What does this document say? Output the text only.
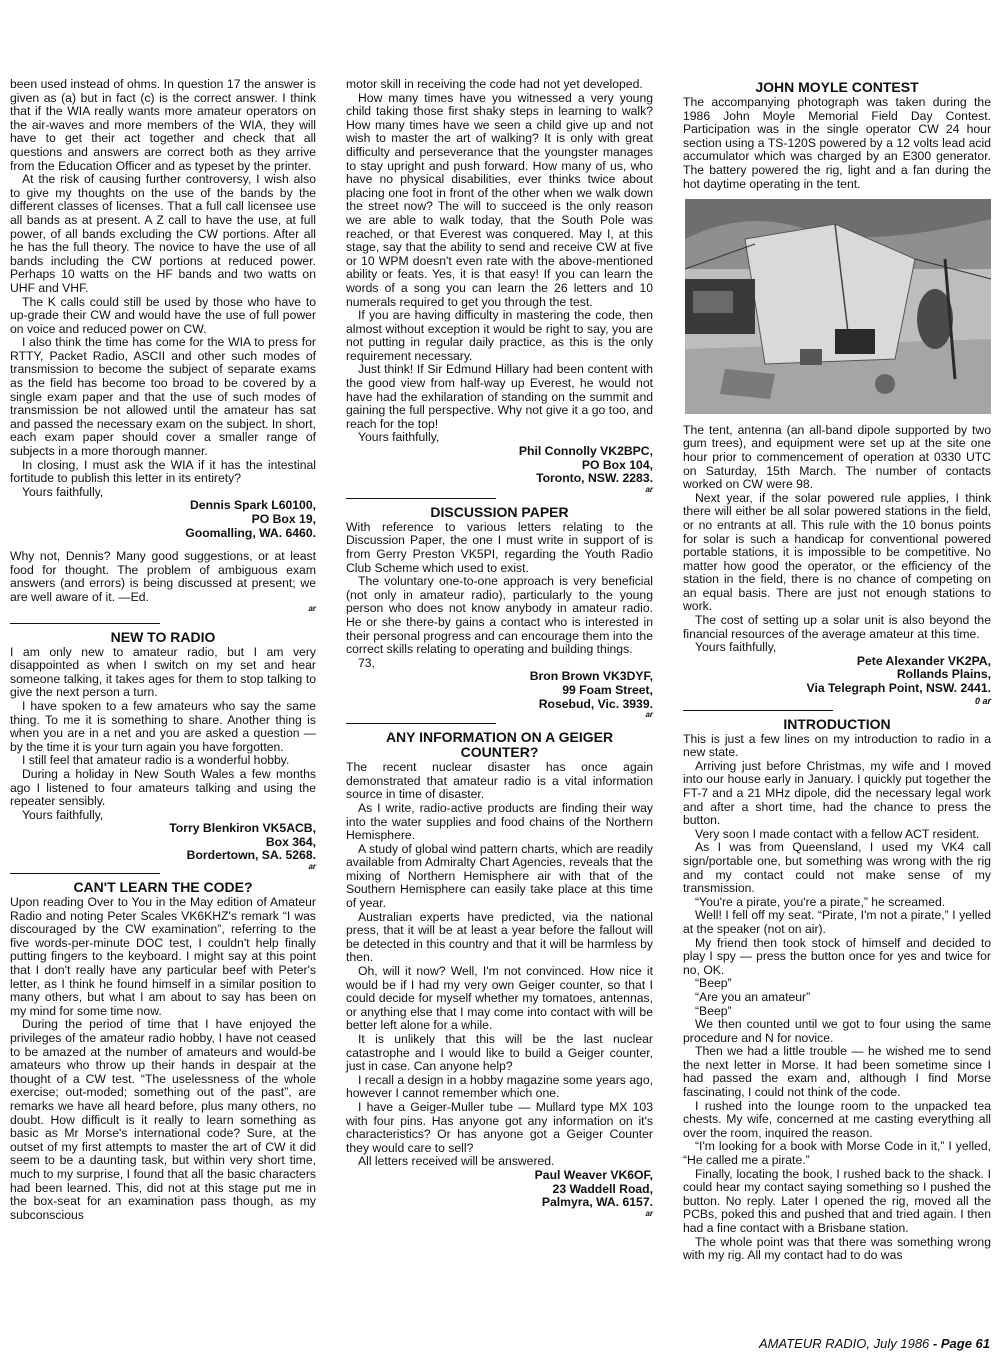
been used instead of ohms. In question 17 the answer is given as (a) but in fact (c) is the correct answer. I think that if the WIA really wants more amateur operators on the air-waves and more members of the WIA, they will have to get their act together and check that all questions and answers are correct both as they arrive from the Education Officer and as typeset by the printer.

At the risk of causing further controversy, I wish also to give my thoughts on the use of the bands by the different classes of licenses. That a full call licensee use all bands as at present. A Z call to have the use, at full power, of all bands excluding the CW portions. After all he has the full theory. The novice to have the use of all bands including the CW portions at reduced power. Perhaps 10 watts on the HF bands and two watts on UHF and VHF.

The K calls could still be used by those who have to up-grade their CW and would have the use of full power on voice and reduced power on CW.

I also think the time has come for the WIA to press for RTTY, Packet Radio, ASCII and other such modes of transmission to become the subject of separate exams as the field has become too broad to be covered by a single exam paper and that the use of such modes of transmission be not allowed until the amateur has sat and passed the necessary exam on the subject. In short, each exam paper should cover a smaller range of subjects in a more thorough manner.

In closing, I must ask the WIA if it has the intestinal fortitude to publish this letter in its entirety?

Yours faithfully,

Dennis Spark L60100,
PO Box 19,
Goomalling, WA. 6460.

Why not, Dennis? Many good suggestions, or at least food for thought. The problem of ambiguous exam answers (and errors) is being discussed at present; we are well aware of it. —Ed.

ar
NEW TO RADIO

I am only new to amateur radio, but I am very disappointed as when I switch on my set and hear someone talking, it takes ages for them to stop talking to give the next person a turn.

I have spoken to a few amateurs who say the same thing. To me it is something to share. Another thing is when you are in a net and you are asked a question — by the time it is your turn again you have forgotten.

I still feel that amateur radio is a wonderful hobby.

During a holiday in New South Wales a few months ago I listened to four amateurs talking and using the repeater sensibly.

Yours faithfully,

Torry Blenkiron VK5ACB,
Box 364,
Bordertown, SA. 5268.
ar
CAN'T LEARN THE CODE?

Upon reading Over to You in the May edition of Amateur Radio and noting Peter Scales VK6KHZ's remark “I was discouraged by the CW examination”, referring to the five words-per-minute DOC test, I couldn't help finally putting fingers to the keyboard. I might say at this point that I don't really have any particular beef with Peter's letter, as I think he found himself in a similar position to many others, but what I am about to say has been on my mind for some time now.

During the period of time that I have enjoyed the privileges of the amateur radio hobby, I have not ceased to be amazed at the number of amateurs and would-be amateurs who throw up their hands in despair at the thought of a CW test. “The uselessness of the whole exercise; out-moded; something out of the past”, are remarks we have all heard before, plus many others, no doubt. How difficult is it really to learn something as basic as Mr Morse's international code? Sure, at the outset of my first attempts to master the art of CW it did seem to be a daunting task, but within very short time, much to my surprise, I found that all the basic characters had been learned. This, did not at this stage put me in the box-seat for an examination pass though, as my subconscious

motor skill in receiving the code had not yet developed.

How many times have you witnessed a very young child taking those first shaky steps in learning to walk? How many times have we seen a child give up and not wish to master the art of walking? It is only with great difficulty and perseverance that the youngster manages to stay upright and push forward. How many of us, who have no physical disabilities, ever thinks twice about placing one foot in front of the other when we walk down the street now? The will to succeed is the only reason we are able to walk today, that the South Pole was reached, or that Everest was conquered. May I, at this stage, say that the ability to send and receive CW at five or 10 WPM doesn't even rate with the above-mentioned ability or feats. Yes, it is that easy! If you can learn the words of a song you can learn the 26 letters and 10 numerals required to get you through the test.

If you are having difficulty in mastering the code, then almost without exception it would be right to say, you are not putting in regular daily practice, as this is the only requirement necessary.

Just think! If Sir Edmund Hillary had been content with the good view from half-way up Everest, he would not have had the exhilaration of standing on the summit and gaining the full perspective. Why not give it a go too, and reach for the top!

Yours faithfully,

Phil Connolly VK2BPC,
PO Box 104,
Toronto, NSW. 2283.
ar
DISCUSSION PAPER

With reference to various letters relating to the Discussion Paper, the one I must write in support of is from Gerry Preston VK5PI, regarding the Youth Radio Club Scheme which used to exist.

The voluntary one-to-one approach is very beneficial (not only in amateur radio), particularly to the young person who does not know anybody in amateur radio. He or she there-by gains a contact who is interested in their personal progress and can encourage them into the correct skills relating to operating and building things.

73,

Bron Brown VK3DYF,
99 Foam Street,
Rosebud, Vic. 3939.
ar
ANY INFORMATION ON A GEIGER COUNTER?

The recent nuclear disaster has once again demonstrated that amateur radio is a vital information source in time of disaster.

As I write, radio-active products are finding their way into the water supplies and food chains of the Northern Hemisphere.

A study of global wind pattern charts, which are readily available from Admiralty Chart Agencies, reveals that the mixing of Northern Hemisphere air with that of the Southern Hemisphere can easily take place at this time of year.

Australian experts have predicted, via the national press, that it will be at least a year before the fallout will be detected in this country and that it will be harmless by then.

Oh, will it now? Well, I'm not convinced. How nice it would be if I had my very own Geiger counter, so that I could decide for myself whether my tomatoes, antennas, or anything else that I may come into contact with will be better left alone for a while.

It is unlikely that this will be the last nuclear catastrophe and I would like to build a Geiger counter, just in case. Can anyone help?

I recall a design in a hobby magazine some years ago, however I cannot remember which one.

I have a Geiger-Muller tube — Mullard type MX 103 with four pins. Has anyone got any information on it's characteristics? Or has anyone got a Geiger Counter they would care to sell?

All letters received will be answered.

Paul Weaver VK6OF,
23 Waddell Road,
Palmyra, WA. 6157.
ar
JOHN MOYLE CONTEST

The accompanying photograph was taken during the 1986 John Moyle Memorial Field Day Contest. Participation was in the single operator CW 24 hour section using a TS-120S powered by a 12 volts lead acid accumulator which was charged by an E300 generator. The battery powered the rig, light and a fan during the hot daytime operating in the tent.

The tent, antenna (an all-band dipole supported by two gum trees), and equipment were set up at the site one hour prior to commencement of operation at 0330 UTC on Saturday, 15th March. The number of contacts worked on CW were 98.

Next year, if the solar powered rule applies, I think there will either be all solar powered stations in the field, or no entrants at all. This rule with the 10 bonus points for solar is such a handicap for conventional powered portable stations, it is impossible to be competitive. No matter how good the operator, or the efficiency of the station in the field, there is no chance of competing on an equal basis. There are just not enough stations to work.

The cost of setting up a solar unit is also beyond the financial resources of the average amateur at this time.

Yours faithfully,

Pete Alexander VK2PA,
Rollands Plains,
Via Telegraph Point, NSW. 2441.
0 ar
INTRODUCTION

This is just a few lines on my introduction to radio in a new state.

Arriving just before Christmas, my wife and I moved into our house early in January. I quickly put together the FT-7 and a 21 MHz dipole, did the necessary legal work and after a short time, had the chance to press the button.

Very soon I made contact with a fellow ACT resident.

As I was from Queensland, I used my VK4 call sign/portable one, but something was wrong with the rig and my contact could not make sense of my transmission.

“You're a pirate, you're a pirate,” he screamed.

Well! I fell off my seat. “Pirate, I'm not a pirate,” I yelled at the speaker (not on air).

My friend then took stock of himself and decided to play I spy — press the button once for yes and twice for no, OK.

“Beep”

“Are you an amateur”

“Beep”

We then counted until we got to four using the same procedure and N for novice.

Then we had a little trouble — he wished me to send the next letter in Morse. It had been sometime since I had passed the exam and, although I find Morse fascinating, I could not think of the code.

I rushed into the lounge room to the unpacked tea chests. My wife, concerned at me casting everything all over the room, inquired the reason.

“I'm looking for a book with Morse Code in it,” I yelled, “He called me a pirate.”

Finally, locating the book, I rushed back to the shack. I could hear my contact saying something so I pushed the button. No reply. Later I opened the rig, moved all the PCBs, poked this and pushed that and tried again. I then had a fine contact with a Brisbane station.

The whole point was that there was something wrong with my rig. All my contact had to do was

AMATEUR RADIO, July 1986 - Page 61
